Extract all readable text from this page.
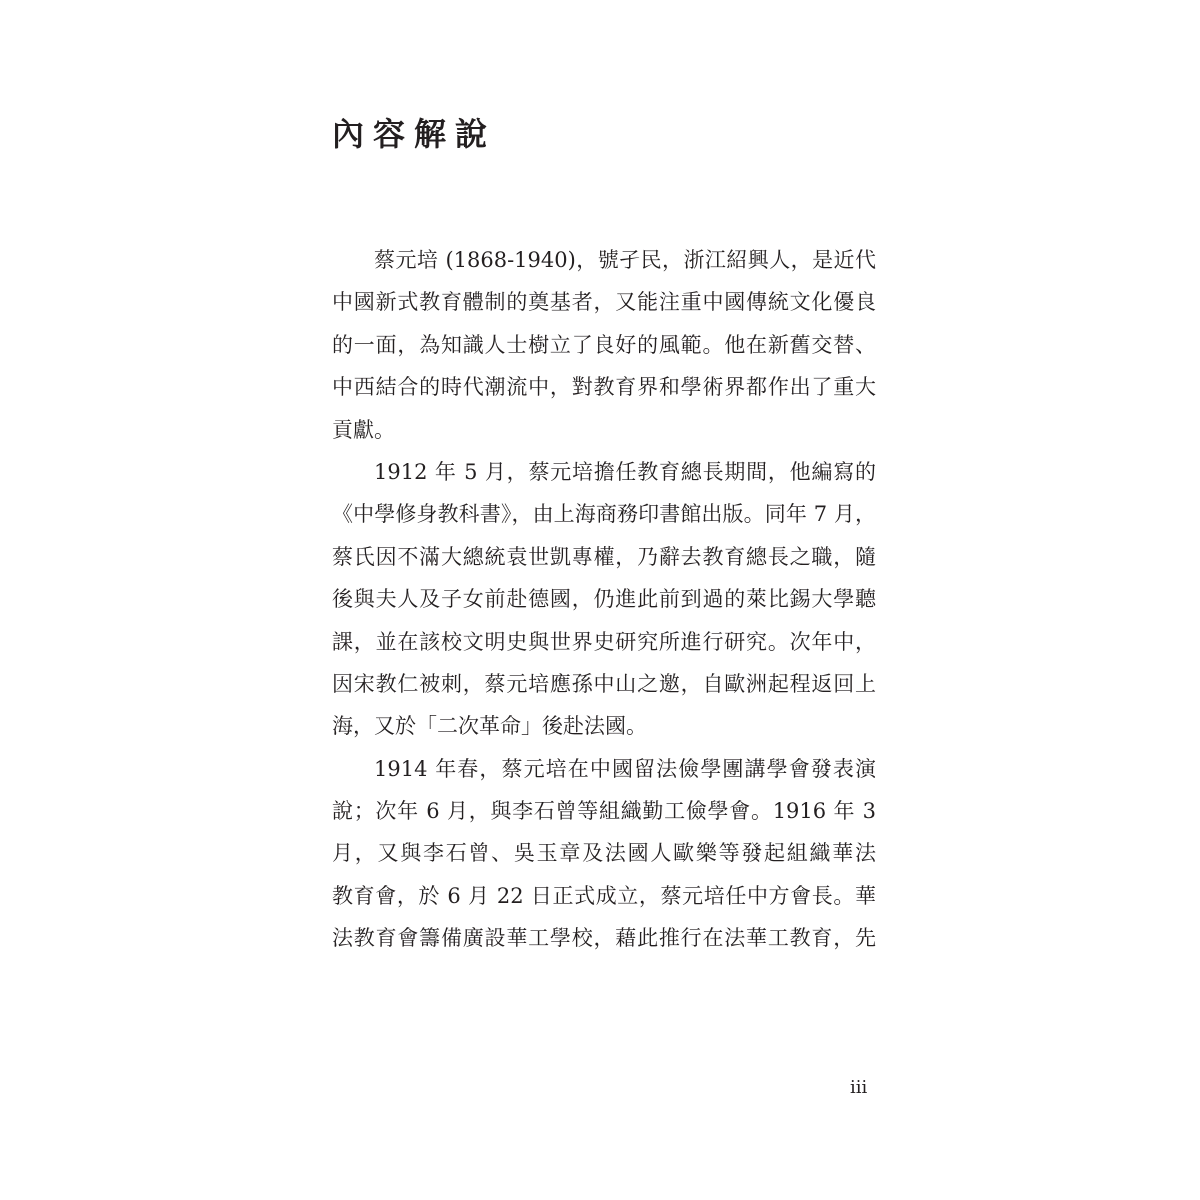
內容解說
蔡元培 (1868-1940)，號孑民，浙江紹興人，是近代
中國新式教育體制的奠基者，又能注重中國傳統文化優良
的一面，為知識人士樹立了良好的風範。他在新舊交替、
中西結合的時代潮流中，對教育界和學術界都作出了重大
貢獻。
1912 年 5 月，蔡元培擔任教育總長期間，他編寫的
《中學修身教科書》，由上海商務印書館出版。同年 7 月，
蔡氏因不滿大總統袁世凱專權，乃辭去教育總長之職，隨
後與夫人及子女前赴德國，仍進此前到過的萊比錫大學聽
課，並在該校文明史與世界史研究所進行研究。次年中，
因宋教仁被刺，蔡元培應孫中山之邀，自歐洲起程返回上
海，又於「二次革命」後赴法國。
1914 年春，蔡元培在中國留法儉學團講學會發表演
說；次年 6 月，與李石曾等組織勤工儉學會。1916 年 3
月，又與李石曾、吳玉章及法國人歐樂等發起組織華法
教育會，於 6 月 22 日正式成立，蔡元培任中方會長。華
法教育會籌備廣設華工學校，藉此推行在法華工教育，先
iii
